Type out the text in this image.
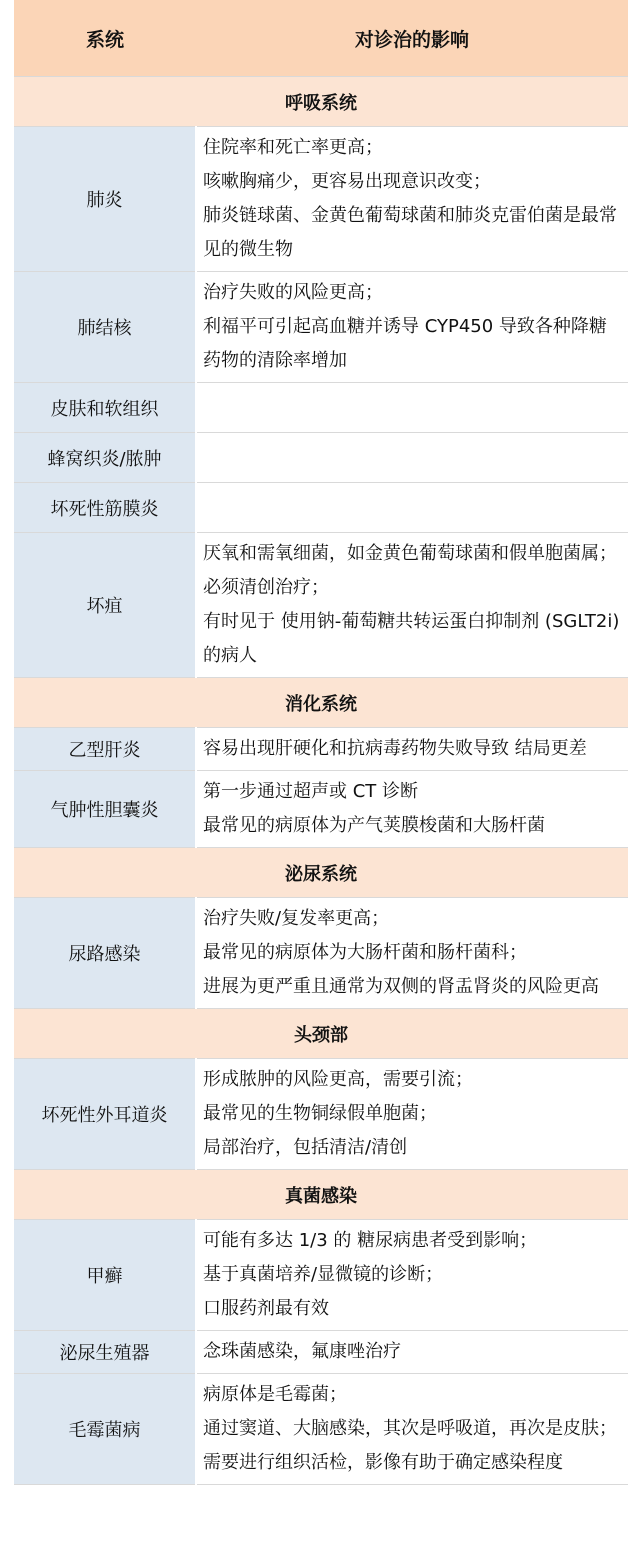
系统	对诊治的影响
呼吸系统	
肺炎	住院率和死亡率更高；
咳嗽胸痛少，更容易出现意识改变；
肺炎链球菌、金黄色葡萄球菌和肺炎克雷伯菌是最常见的微生物

肺结核	治疗失败的风险更高；
利福平可引起高血糖并诱导 CYP450 导致各种降糖药物的清除率增加

皮肤和软组织	
蜂窝织炎/脓肿	
坏死性筋膜炎	
坏疽	厌氧和需氧细菌，如金黄色葡萄球菌和假单胞菌属；
必须清创治疗；
有时见于 使用钠-葡萄糖共转运蛋白抑制剂 (SGLT2i) 的病人

消化系统	
乙型肝炎	容易出现肝硬化和抗病毒药物失败导致 结局更差

气肿性胆囊炎	第一步通过超声或 CT 诊断
最常见的病原体为产气荚膜梭菌和大肠杆菌

泌尿系统	
尿路感染	治疗失败/复发率更高；
最常见的病原体为大肠杆菌和肠杆菌科；
进展为更严重且通常为双侧的肾盂肾炎的风险更高

头颈部	
坏死性外耳道炎	形成脓肿的风险更高，需要引流；
最常见的生物铜绿假单胞菌；
局部治疗，包括清洁/清创

真菌感染	
甲癣	可能有多达 1/3 的 糖尿病患者受到影响；
基于真菌培养/显微镜的诊断；
口服药剂最有效

泌尿生殖器	念珠菌感染，氟康唑治疗

毛霉菌病	病原体是毛霉菌；
通过窦道、大脑感染，其次是呼吸道，再次是皮肤；
需要进行组织活检，影像有助于确定感染程度
